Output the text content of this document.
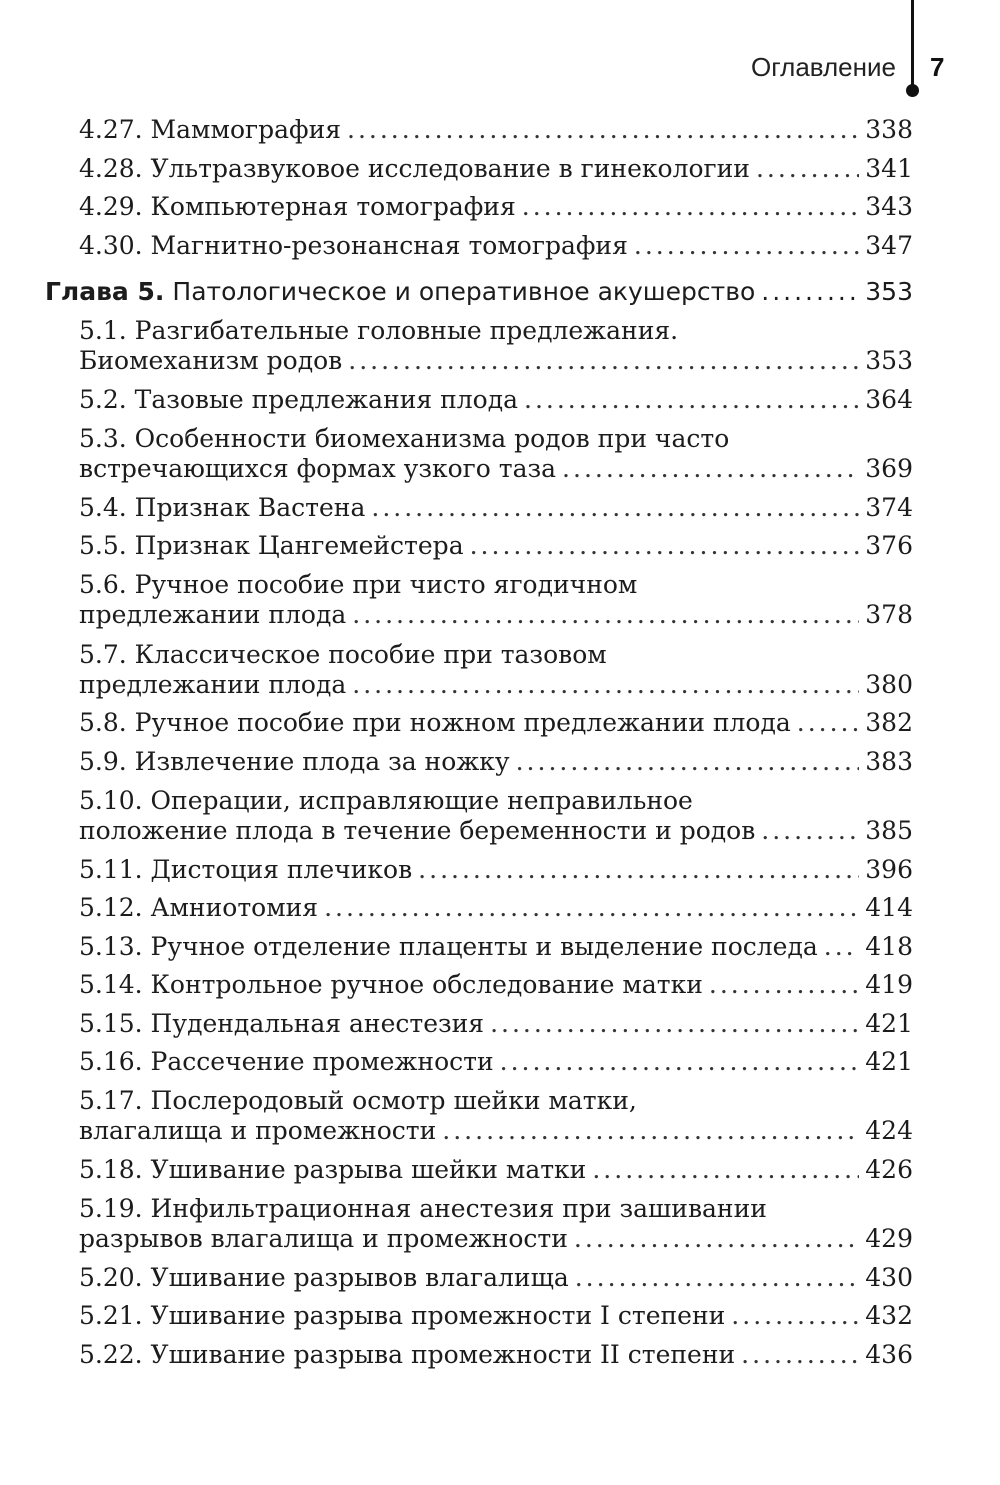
Оглавление 7
4.27. Маммография .....	338
4.28. Ультразвуковое исследование в гинекологии .....	341
4.29. Компьютерная томография .....	343
4.30. Магнитно-резонансная томография .....	347
Глава 5. Патологическое и оперативное акушерство .....	353
5.1. Разгибательные головные предлежания.
Биомеханизм родов .....	353
5.2. Тазовые предлежания плода .....	364
5.3. Особенности биомеханизма родов при часто
встречающихся формах узкого таза .....	369
5.4. Признак Вастена .....	374
5.5. Признак Цангемейстера .....	376
5.6. Ручное пособие при чисто ягодичном
предлежании плода .....	378
5.7. Классическое пособие при тазовом
предлежании плода .....	380
5.8. Ручное пособие при ножном предлежании плода .....	382
5.9. Извлечение плода за ножку .....	383
5.10. Операции, исправляющие неправильное
положение плода в течение беременности и родов .....	385
5.11. Дистоция плечиков .....	396
5.12. Амниотомия .....	414
5.13. Ручное отделение плаценты и выделение последа ..... 418
5.14. Контрольное ручное обследование матки .....	419
5.15. Пудендальная анестезия .....	421
5.16. Рассечение промежности .....	421
5.17. Послеродовый осмотр шейки матки,
влагалища и промежности .....	424
5.18. Ушивание разрыва шейки матки .....	426
5.19. Инфильтрационная анестезия при зашивании
разрывов влагалища и промежности .....	429
5.20. Ушивание разрывов влагалища .....	430
5.21. Ушивание разрыва промежности I степени .....	432
5.22. Ушивание разрыва промежности II степени .....	436
